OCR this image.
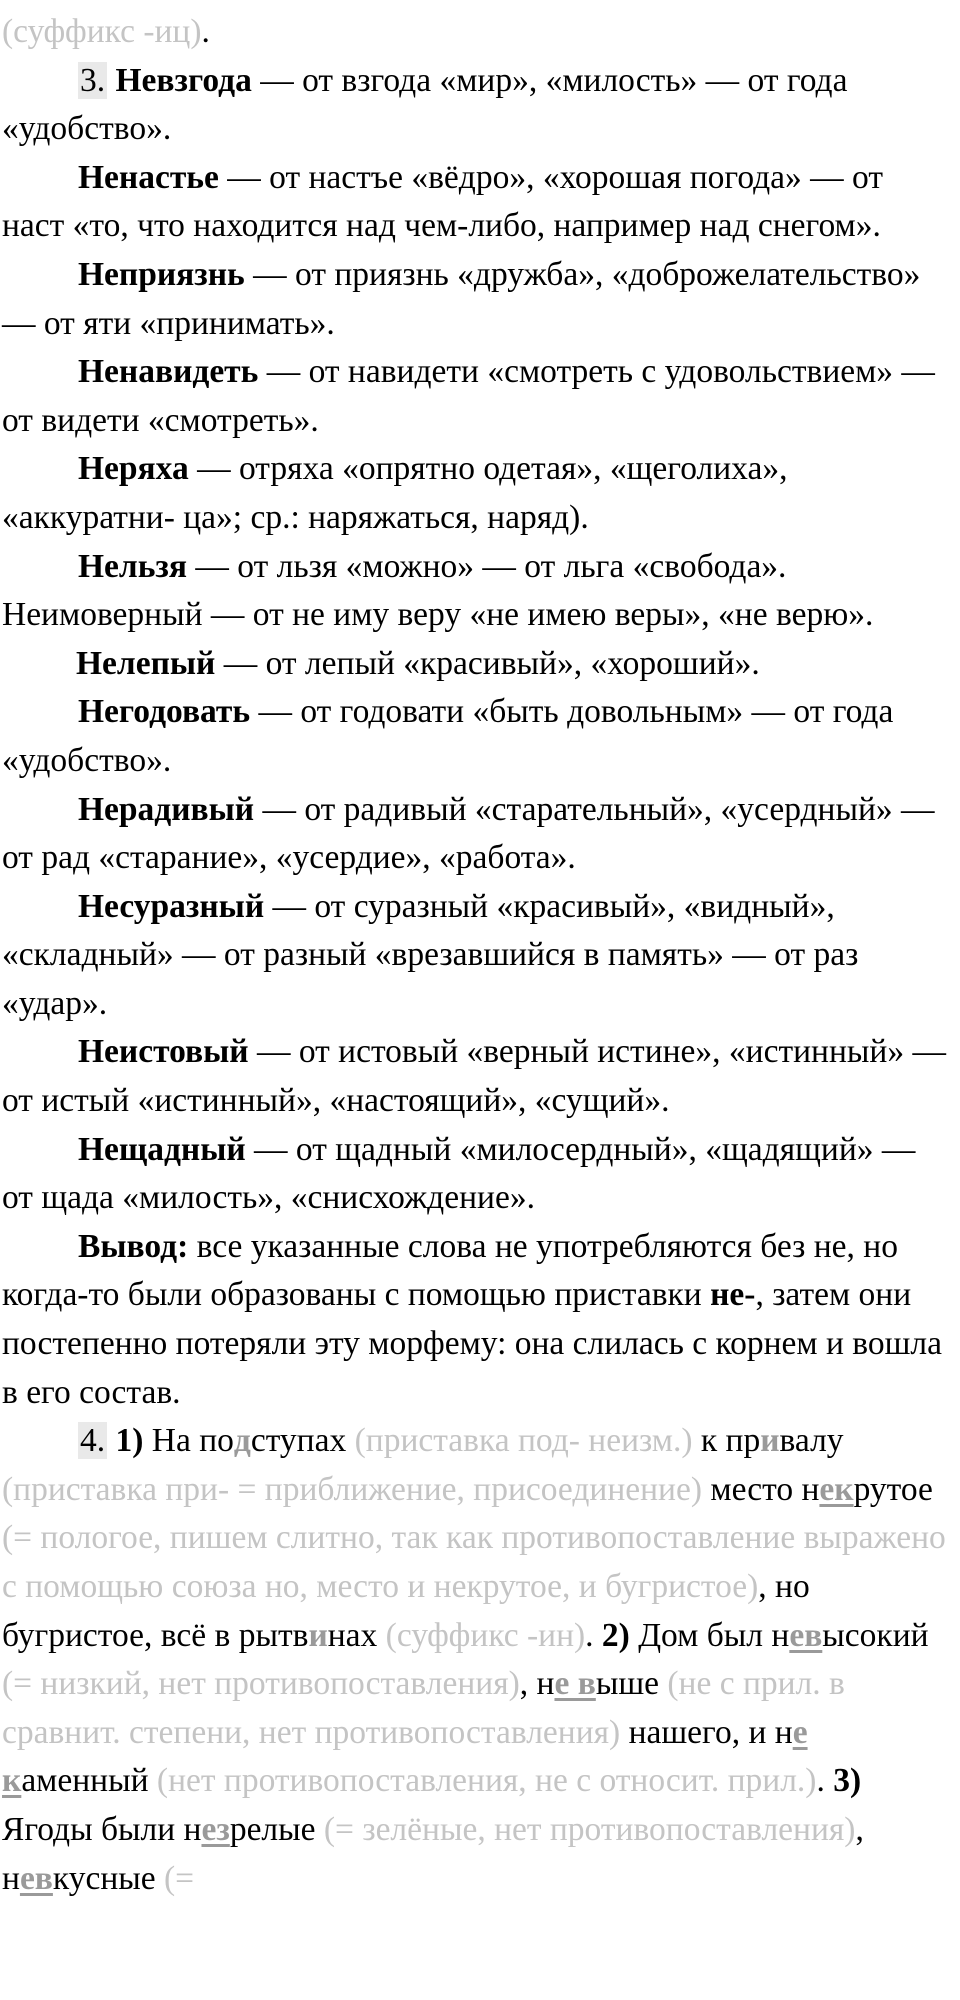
(суффикс -иц).

3. Невзгода — от взгода «мир», «милость» — от года «удобство».

Ненастье — от настъе «вёдро», «хорошая погода» — от наст «то, что находится над чем-либо, например над снегом».

Неприязнь — от приязнь «дружба», «доброжелательство» — от яти «принимать».

Ненавидеть — от навидети «смотреть с удовольствием» — от видети «смотреть».

Неряха — отряха «опрятно одетая», «щеголиха», «аккуратни- ца»; ср.: наряжаться, наряд).

Нельзя — от льзя «можно» — от льга «свобода». Неимоверный — от не иму веру «не имею веры», «не верю».

Нелепый — от лепый «красивый», «хороший».

Негодовать — от годовати «быть довольным» — от года «удобство».

Нерадивый — от радивый «старательный», «усердный» — от рад «старание», «усердие», «работа».

Несуразный — от суразный «красивый», «видный», «складный» — от разный «врезавшийся в память» — от раз «удар».

Неистовый — от истовый «верный истине», «истинный» — от истый «истинный», «настоящий», «сущий».

Нещадный — от щадный «милосердный», «щадящий» — от щада «милость», «снисхождение».

Вывод: все указанные слова не употребляются без не, но когда-то были образованы с помощью приставки не-, затем они постепенно потеряли эту морфему: она слилась с корнем и вошла в его состав.

4. 1) На подступах (приставка под- неизм.) к привалу (приставка при- = приближение, присоединение) место некрутое (= пологое, пишем слитно, так как противопоставление выражено с помощью союза но, место и некрутое, и бугристое), но бугристое, всё в рытвинах (суффикс -ин). 2) Дом был невысокий (= низкий, нет противопоставления), не выше (не с прил. в сравнит. степени, нет противопоставления) нашего, и не каменный (нет противопоставления, не с относит. прил.). 3) Ягоды были незрелые (= зелёные, нет противопоставления), невкусные (=
